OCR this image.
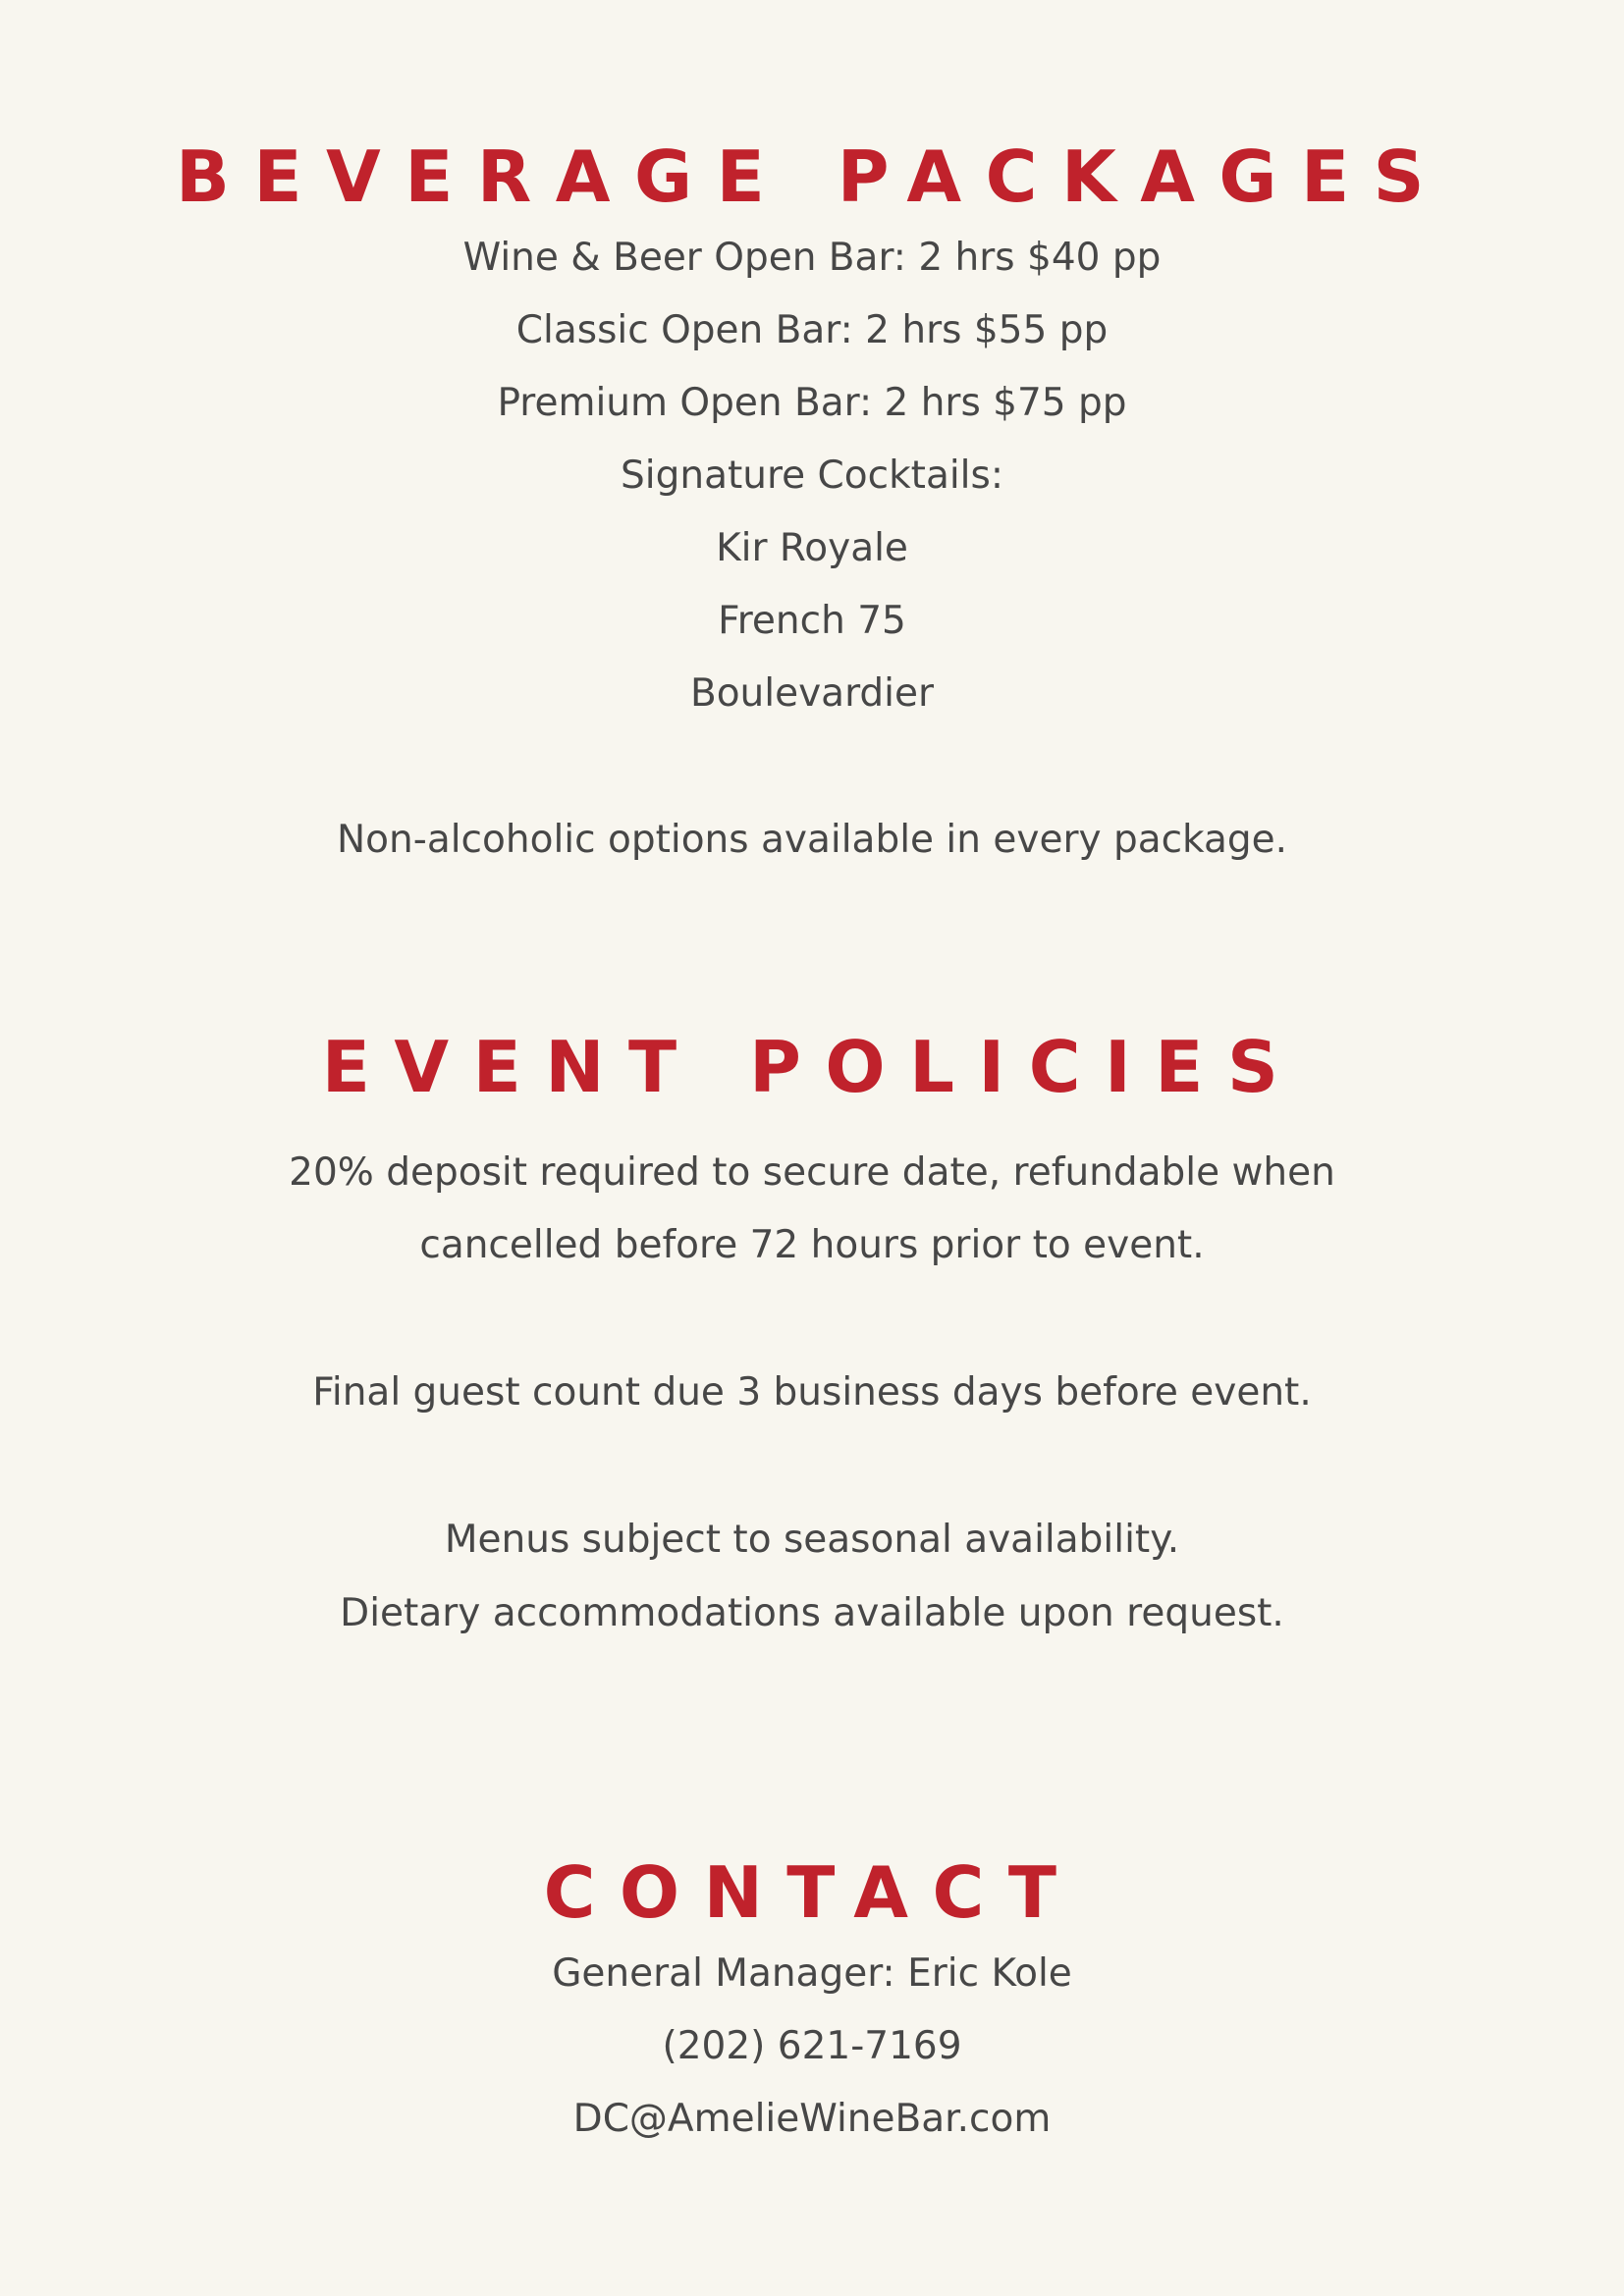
BEVERAGE PACKAGES

Wine & Beer Open Bar: 2 hrs $40 pp

Classic Open Bar: 2 hrs $55 pp

Premium Open Bar: 2 hrs $75 pp

Signature Cocktails:

Kir Royale

French 75

Boulevardier

Non-alcoholic options available in every package.

EVENT POLICIES

20% deposit required to secure date, refundable when

cancelled before 72 hours prior to event.

Final guest count due 3 business days before event.

Menus subject to seasonal availability.

Dietary accommodations available upon request.

CONTACT

General Manager: Eric Kole

(202) 621-7169

DC@AmelieWineBar.com
